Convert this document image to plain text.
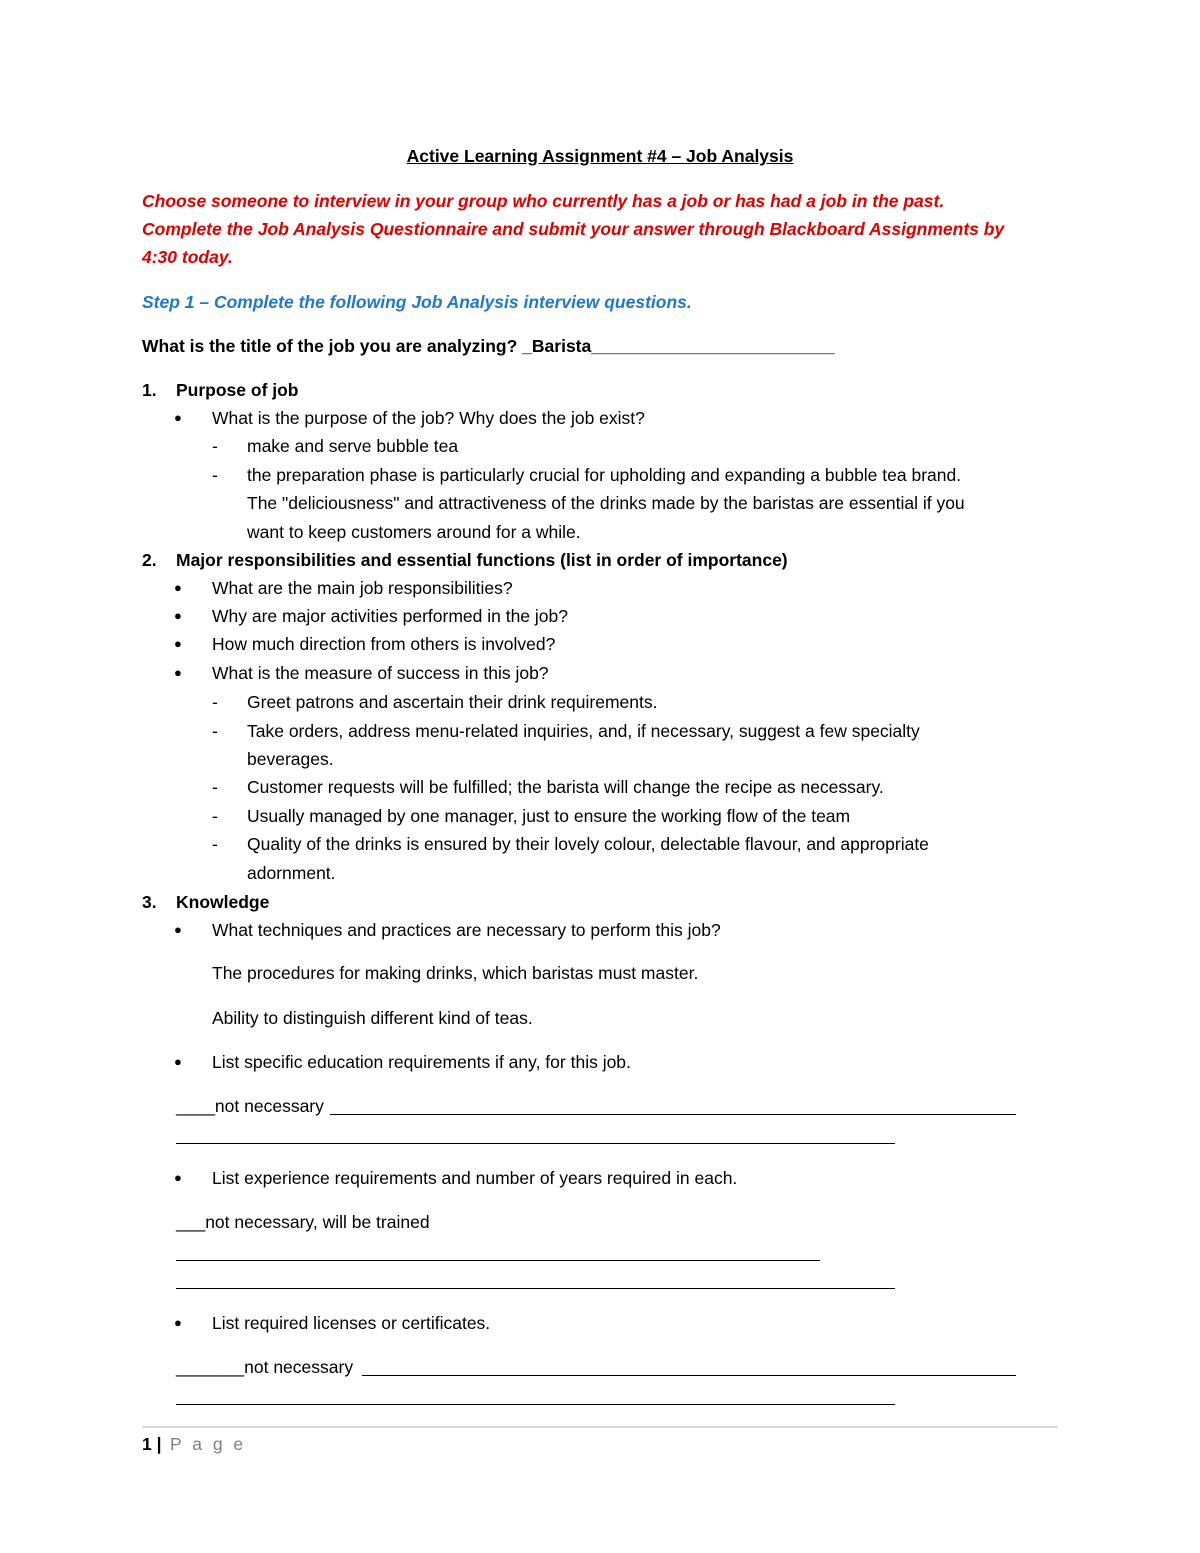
Active Learning Assignment #4 – Job Analysis
Choose someone to interview in your group who currently has a job or has had a job in the past.
Complete the Job Analysis Questionnaire and submit your answer through Blackboard Assignments by
4:30 today.
Step 1 – Complete the following Job Analysis interview questions.
What is the title of the job you are analyzing? _Barista_________________________
1. Purpose of job
● What is the purpose of the job? Why does the job exist?
- make and serve bubble tea
- the preparation phase is particularly crucial for upholding and expanding a bubble tea brand.
The "deliciousness" and attractiveness of the drinks made by the baristas are essential if you
want to keep customers around for a while.
2. Major responsibilities and essential functions (list in order of importance)
● What are the main job responsibilities?
● Why are major activities performed in the job?
● How much direction from others is involved?
● What is the measure of success in this job?
- Greet patrons and ascertain their drink requirements.
- Take orders, address menu-related inquiries, and, if necessary, suggest a few specialty
beverages.
- Customer requests will be fulfilled; the barista will change the recipe as necessary.
- Usually managed by one manager, just to ensure the working flow of the team
- Quality of the drinks is ensured by their lovely colour, delectable flavour, and appropriate
adornment.
3. Knowledge
● What techniques and practices are necessary to perform this job?
The procedures for making drinks, which baristas must master.
Ability to distinguish different kind of teas.
● List specific education requirements if any, for this job.
____not necessary
● List experience requirements and number of years required in each.
___not necessary, will be trained
● List required licenses or certificates.
_______not necessary
1 | P a g e
